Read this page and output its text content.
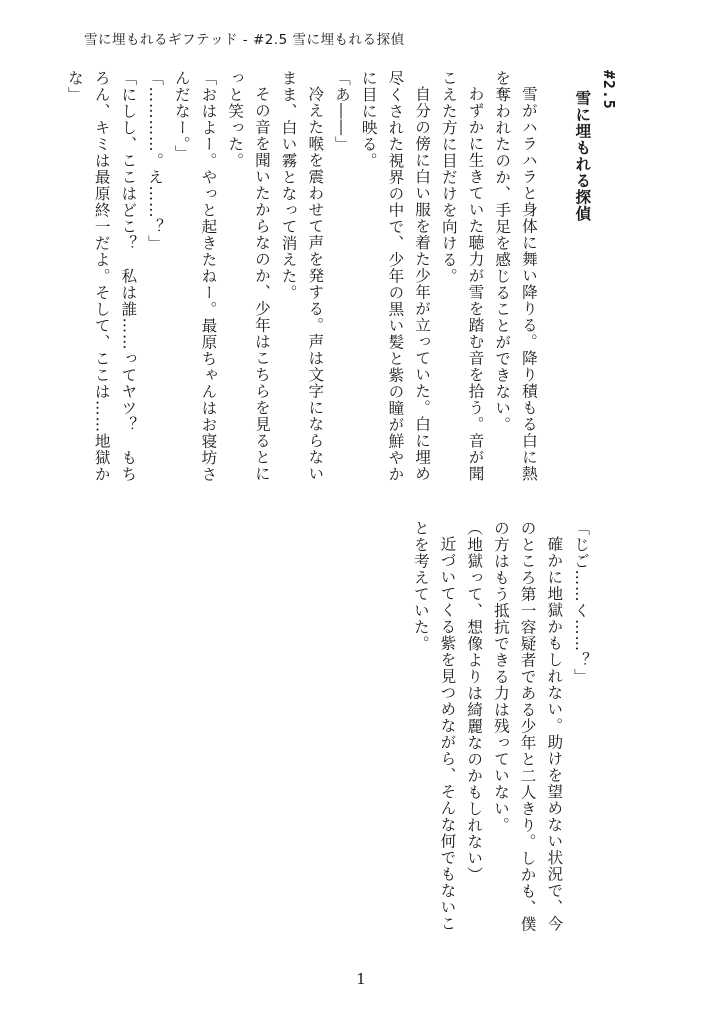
雪に埋もれるギフテッド - #2.5 雪に埋もれる探偵

#2.5

雪に埋もれる探偵

雪がハラハラと身体に舞い降りる。降り積もる白に熱を奪われたのか、手足を感じることができない。

わずかに生きていた聴力が雪を踏む音を拾う。音が聞こえた方に目だけを向ける。

自分の傍に白い服を着た少年が立っていた。白に埋め尽くされた視界の中で、少年の黒い髪と紫の瞳が鮮やかに目に映る。

「あ――」

冷えた喉を震わせて声を発する。声は文字にならないまま、白い霧となって消えた。

その音を聞いたからなのか、少年はこちらを見るとにっと笑った。

「おはよー。やっと起きたねー。最原ちゃんはお寝坊さんだなー。」

「…………。え……？」

「にしし、ここはどこ？　私は誰……ってヤツ？　もちろん、キミは最原終一だよ。そして、ここは……地獄かな」

「じご……く……？」

確かに地獄かもしれない。助けを望めない状況で、今のところ第一容疑者である少年と二人きり。しかも、僕の方はもう抵抗できる力は残っていない。

（地獄って、想像よりは綺麗なのかもしれない）

近づいてくる紫を見つめながら、そんな何でもないことを考えていた。

1
